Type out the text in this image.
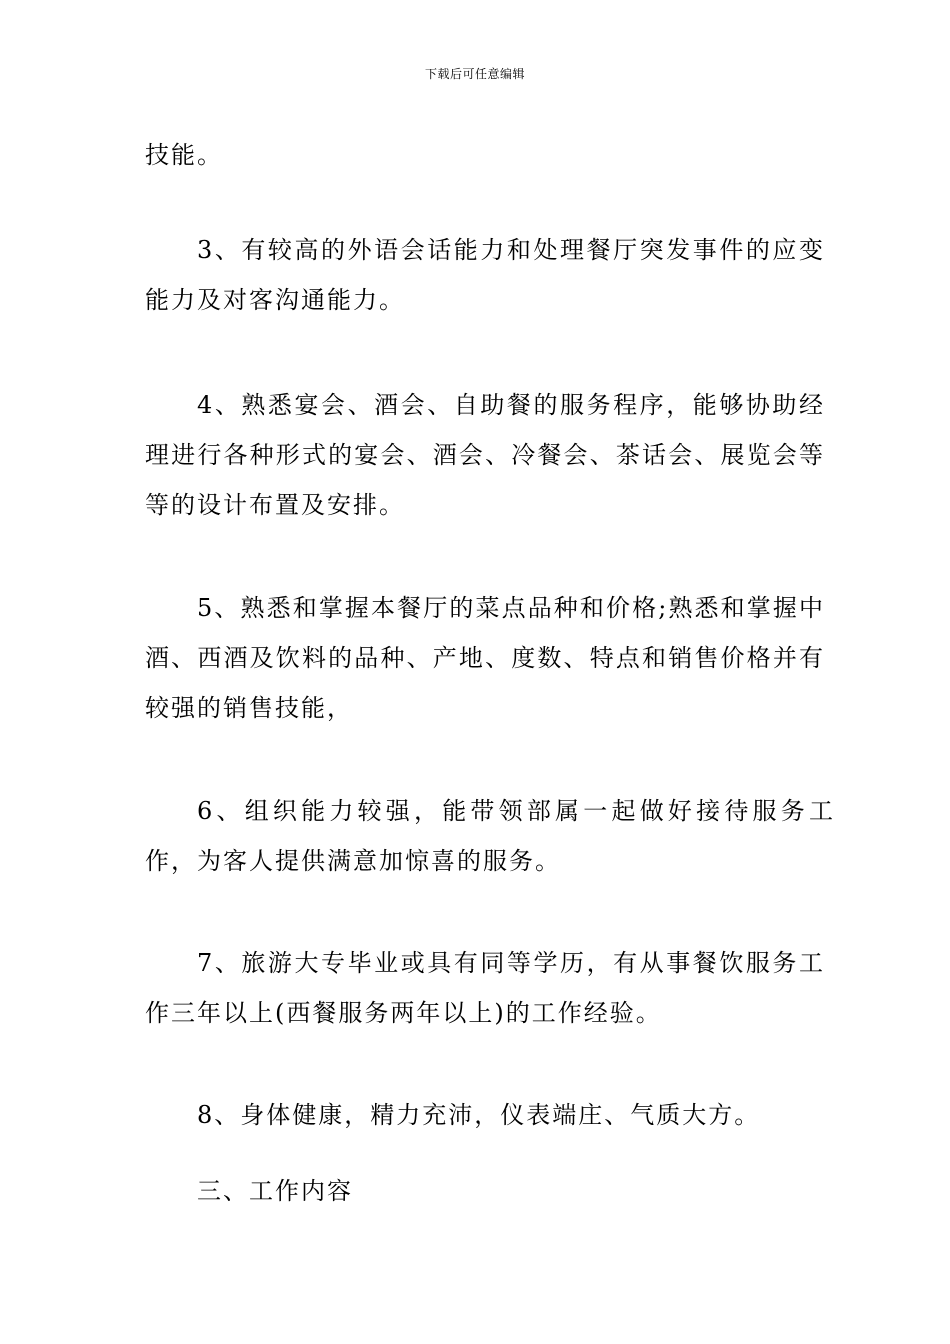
下载后可任意编辑

技能。

3、有较高的外语会话能力和处理餐厅突发事件的应变能力及对客沟通能力。

4、熟悉宴会、酒会、自助餐的服务程序，能够协助经理进行各种形式的宴会、酒会、冷餐会、茶话会、展览会等等的设计布置及安排。

5、熟悉和掌握本餐厅的菜点品种和价格;熟悉和掌握中酒、西酒及饮料的品种、产地、度数、特点和销售价格并有较强的销售技能，

6、组织能力较强，能带领部属一起做好接待服务工作，为客人提供满意加惊喜的服务。

7、旅游大专毕业或具有同等学历，有从事餐饮服务工作三年以上(西餐服务两年以上)的工作经验。

8、身体健康，精力充沛，仪表端庄、气质大方。

三、工作内容
